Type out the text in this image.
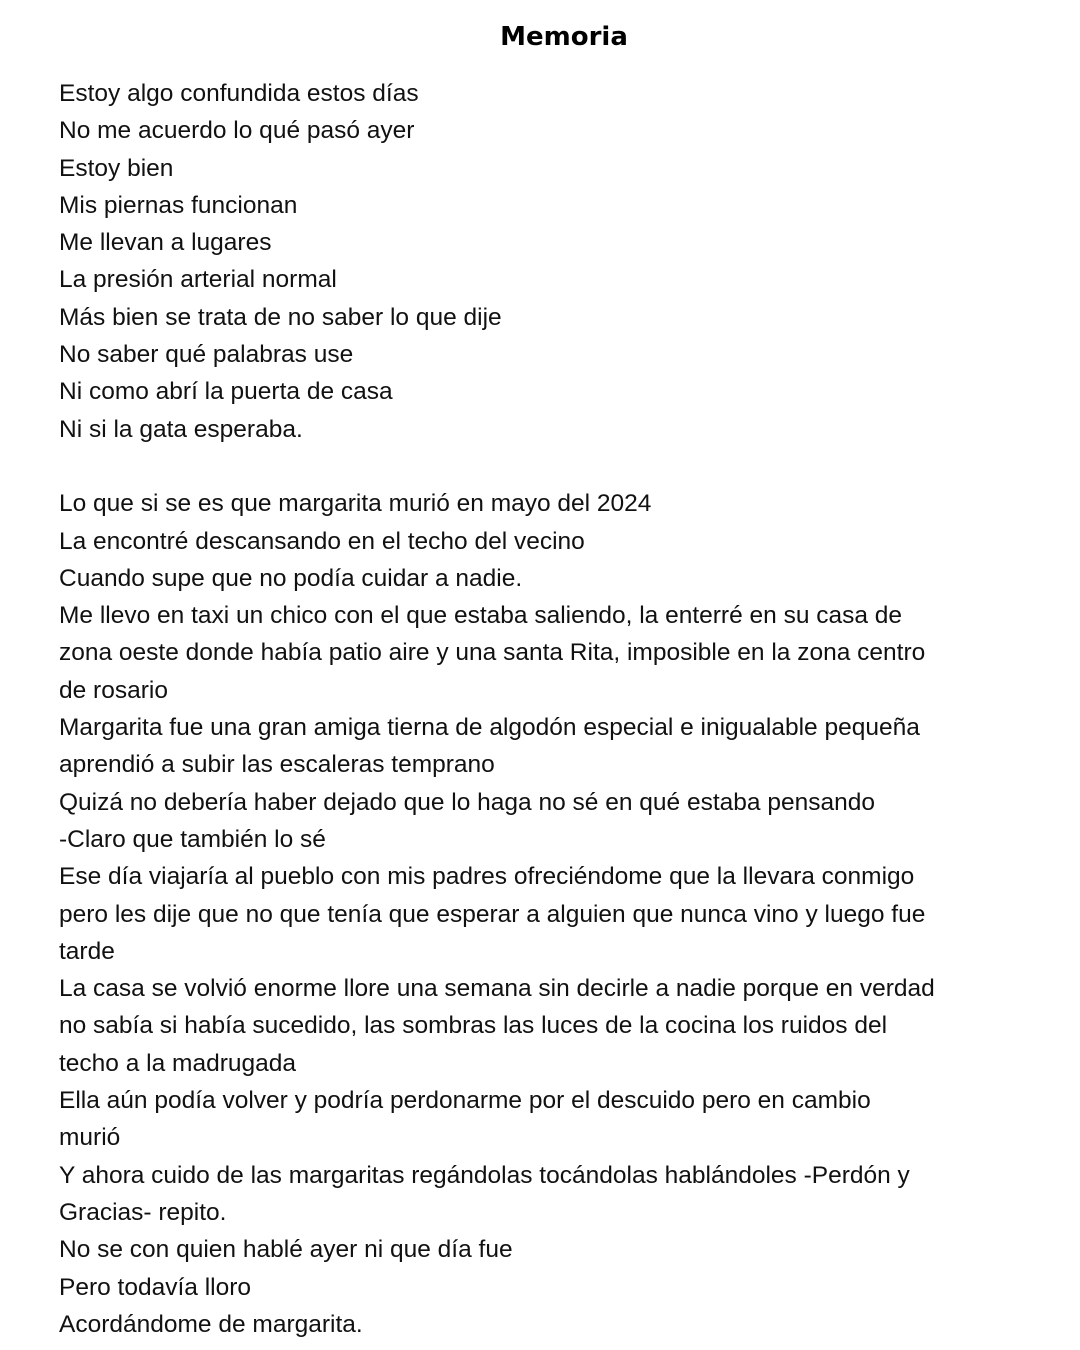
Memoria
Estoy algo confundida estos días
No me acuerdo lo qué pasó ayer
Estoy bien
Mis piernas funcionan
Me llevan a lugares
La presión arterial normal
Más bien se trata de no saber lo que dije
No saber qué palabras use
Ni como abrí la puerta de casa
Ni si la gata esperaba.
Lo que si se es que margarita murió en mayo del 2024
La encontré descansando en el techo del vecino
Cuando supe que no podía cuidar a nadie.
Me llevo en taxi un chico con el que estaba saliendo, la enterré en su casa de
zona oeste donde había patio aire y una santa Rita, imposible en la zona centro
de rosario
Margarita fue una gran amiga tierna de algodón especial e inigualable pequeña
aprendió a subir las escaleras temprano
Quizá no debería haber dejado que lo haga no sé en qué estaba pensando
-Claro que también lo sé
Ese día viajaría al pueblo con mis padres ofreciéndome que la llevara conmigo
pero les dije que no que tenía que esperar a alguien que nunca vino y luego fue
tarde
La casa se volvió enorme llore una semana sin decirle a nadie porque en verdad
no sabía si había sucedido, las sombras las luces de la cocina los ruidos del
techo a la madrugada
Ella aún podía volver y podría perdonarme por el descuido pero en cambio
murió
Y ahora cuido de las margaritas regándolas tocándolas hablándoles -Perdón y
Gracias- repito.
No se con quien hablé ayer ni que día fue
Pero todavía lloro
Acordándome de margarita.
